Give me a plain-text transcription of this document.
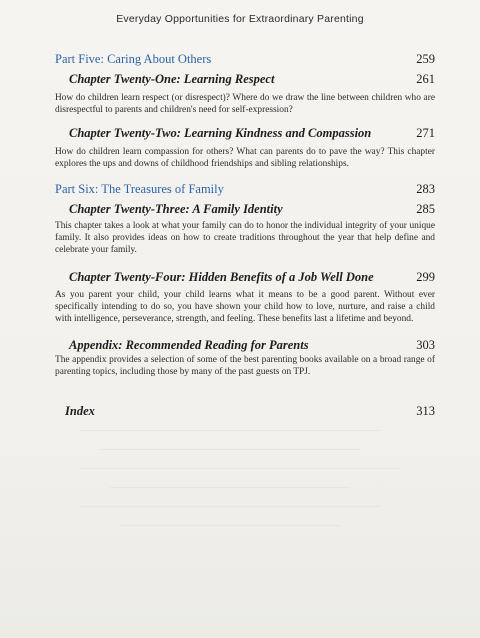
Everyday Opportunities for Extraordinary Parenting
Part Five: Caring About Others	259
Chapter Twenty-One: Learning Respect	261
How do children learn respect (or disrespect)? Where do we draw the line between children who are disrespectful to parents and children's need for self-expression?
Chapter Twenty-Two: Learning Kindness and Compassion	271
How do children learn compassion for others? What can parents do to pave the way? This chapter explores the ups and downs of childhood friendships and sibling relationships.
Part Six: The Treasures of Family	283
Chapter Twenty-Three: A Family Identity	285
This chapter takes a look at what your family can do to honor the individual integrity of your unique family. It also provides ideas on how to create traditions throughout the year that help define and celebrate your family.
Chapter Twenty-Four: Hidden Benefits of a Job Well Done	299
As you parent your child, your child learns what it means to be a good parent. Without ever specifically intending to do so, you have shown your child how to love, nurture, and raise a child with intelligence, perseverance, strength, and feeling. These benefits last a lifetime and beyond.
Appendix: Recommended Reading for Parents	303
The appendix provides a selection of some of the best parenting books available on a broad range of parenting topics, including those by many of the past guests on TPJ.
Index	313
